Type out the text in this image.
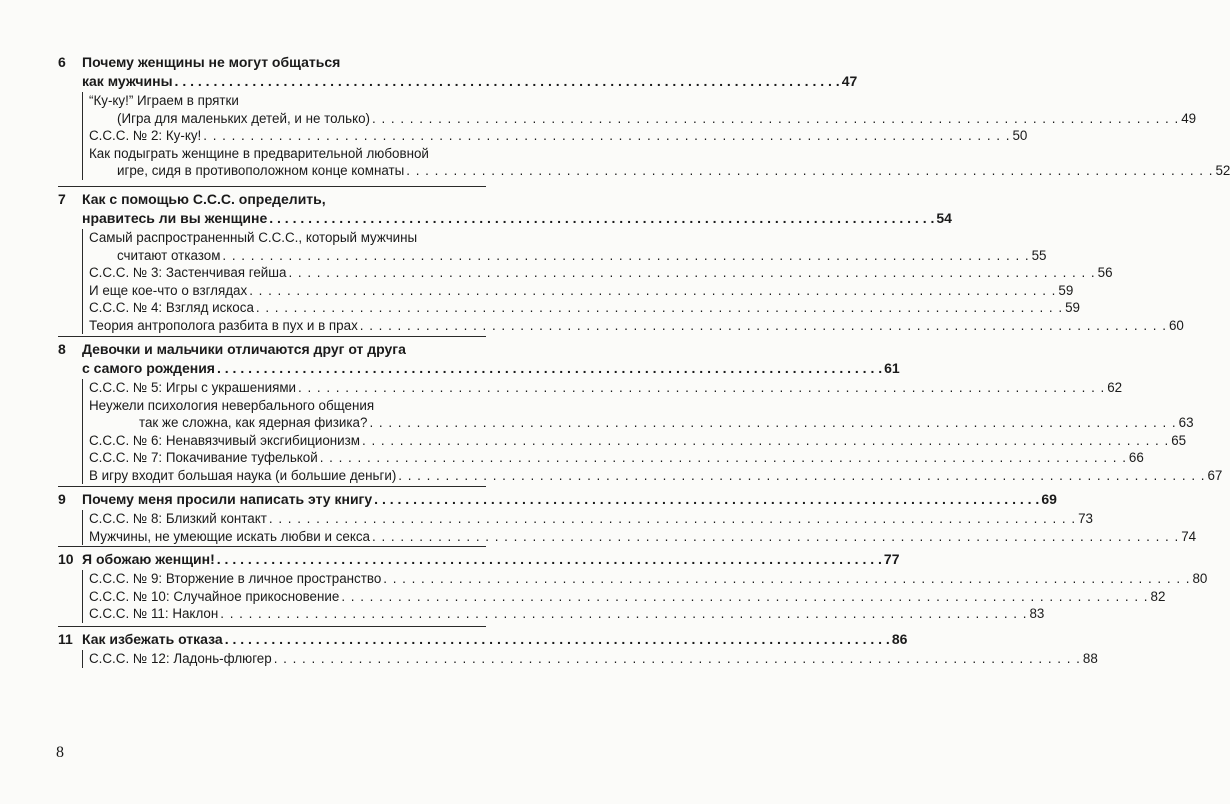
6	Почему женщины не могут общаться
как мужчины . . .	47
“Ку-ку!” Играем в прятки
(Игра для маленьких детей, и не только) . . .	49
С.С.С. № 2: Ку-ку! . . .	50
Как подыграть женщине в предварительной любовной
игре, сидя в противоположном конце комнаты . . .	52
7	Как с помощью С.С.С. определить,
нравитесь ли вы женщине . . .	54
Самый распространенный С.С.С., который мужчины
считают отказом . . .	55
С.С.С. № 3: Застенчивая гейша . . .	56
И еще кое-что о взглядах . . .	59
С.С.С. № 4: Взгляд искоса . . .	59
Теория антрополога разбита в пух и в прах . . .	60
8	Девочки и мальчики отличаются друг от друга
с самого рождения . . .	61
С.С.С. № 5: Игры с украшениями . . .	62
Неужели психология невербального общения
так же сложна, как ядерная физика? . . .	63
С.С.С. № 6: Ненавязчивый эксгибиционизм . . .	65
С.С.С. № 7: Покачивание туфелькой . . .	66
В игру входит большая наука (и большие деньги) . . .	67
9	Почему меня просили написать эту книгу . . .	69
С.С.С. № 8: Близкий контакт . . .	73
Мужчины, не умеющие искать любви и секса . . .	74
10 Я обожаю женщин! . . .	77
С.С.С. № 9: Вторжение в личное пространство . . .	80
С.С.С. № 10: Случайное прикосновение . . .	82
С.С.С. № 11: Наклон . . .	83
11 Как избежать отказа . . .	86
С.С.С. № 12: Ладонь-флюгер . . .	88
8
